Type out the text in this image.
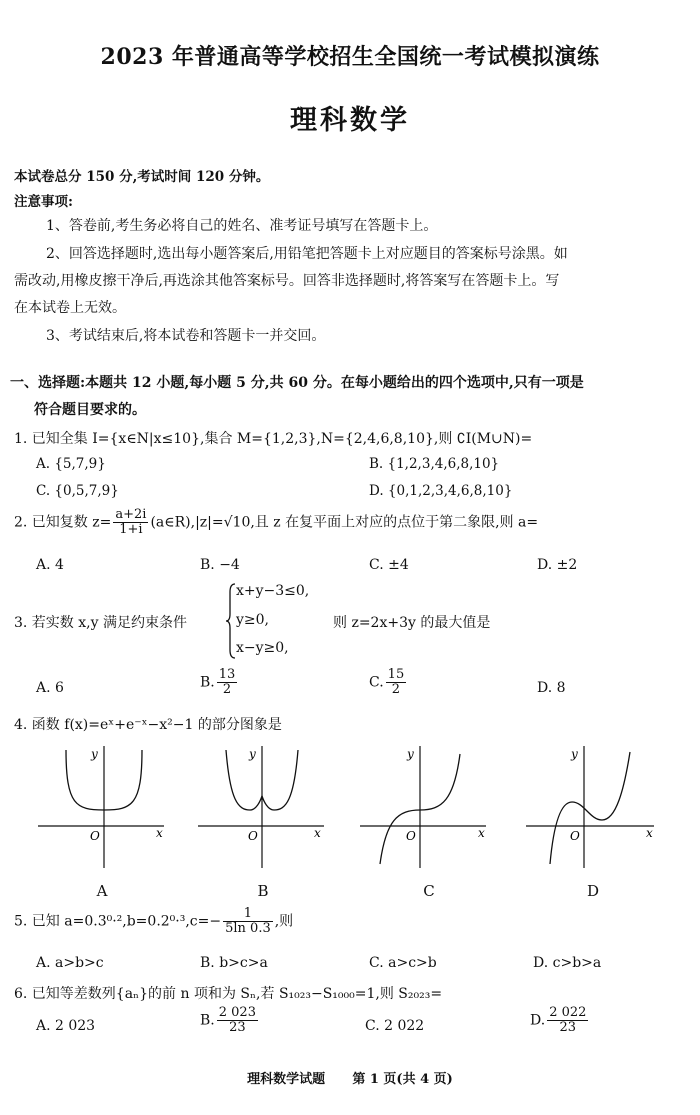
2023 年普通高等学校招生全国统一考试模拟演练
理科数学
本试卷总分 150 分,考试时间 120 分钟。
注意事项:
1、答卷前,考生务必将自己的姓名、准考证号填写在答题卡上。
2、回答选择题时,选出每小题答案后,用铅笔把答题卡上对应题目的答案标号涂黑。如
需改动,用橡皮擦干净后,再选涂其他答案标号。回答非选择题时,将答案写在答题卡上。写
在本试卷上无效。
3、考试结束后,将本试卷和答题卡一并交回。
一、选择题:本题共 12 小题,每小题 5 分,共 60 分。在每小题给出的四个选项中,只有一项是
符合题目要求的。
1. 已知全集 I={x∈N|x≤10},集合 M={1,2,3},N={2,4,6,8,10},则 ∁I(M∪N)=
A. {5,7,9}	B. {1,2,3,4,6,8,10}
C. {0,5,7,9}	D. {0,1,2,3,4,6,8,10}
2. 已知复数 $z= \frac{a+2i}{1+i}$ (a∈R),|z|=√10,且 z 在复平面上对应的点位于第二象限,则 a=
A. 4	B. −4	C. ±4	D. ±2
3. 若实数 x,y 满足约束条件
x+y−3≤0,
y≥0,
x−y≥0,
则 z=2x+3y 的最大值是
A. 6	B. $\frac{13}{2}$	C. $\frac{15}{2}$	D. 8
4. 函数 f(x)=eˣ+e⁻ˣ−x²−1 的部分图象是
y
x
O
A
y
x
O
B
y
x
O
C
y
x
O
D
5. 已知 $a=0.3^0\cdot^2,b=0.2^0\cdot^3,c=- \frac{1}{5\ln 0.3}$ ,则
A. a>b>c	B. b>c>a	C. a>c>b	D. c>b>a
6. 已知等差数列{aₙ}的前 n 项和为 Sₙ,若 S₁₀₂₃−S₁₀₀₀=1,则 S₂₀₂₃=
A. 2 023	B. $\frac{2 023}{23}$	C. 2 022	D. $\frac{2 022}{23}$
理科数学试题 第 1 页(共 4 页)
